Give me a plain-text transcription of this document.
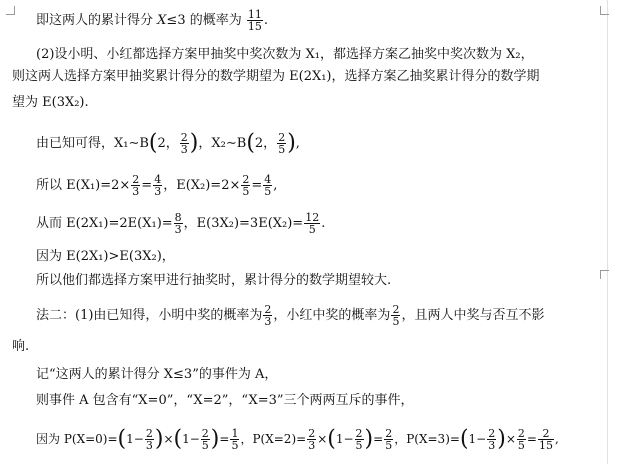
即这两人的累计得分 X≤3 的概率为 $\frac{11}{15}$ .
(2)设小明、小红都选择方案甲抽奖中奖次数为 X₁，都选择方案乙抽奖中奖次数为 X₂，
则这两人选择方案甲抽奖累计得分的数学期望为 E(2X₁)，选择方案乙抽奖累计得分的数学期
望为 E(3X₂).
由已知可得，X₁∼B(2， $\frac{2}{3}$ )，X₂∼B(2， $\frac{2}{5}$ ),
所以 $E(X_1)=2\times \frac{2}{3} = \frac{4}{3}$ ，$E(X_2)=2\times \frac{2}{5} = \frac{4}{5}$ ,
从而 $E(2X_1)=2E(X_1)= \frac{8}{3}$ ，$E(3X_2)=3E(X_2)= \frac{12}{5}$ .
因为 E(2X₁)>E(3X₂)，
所以他们都选择方案甲进行抽奖时，累计得分的数学期望较大.
法二：(1)由已知得，小明中奖的概率为 $\frac{2}{3}$ ，小红中奖的概率为 $\frac{2}{5}$ ，且两人中奖与否互不影
响.
记“这两人的累计得分 X≤3”的事件为 A，
则事件 A 包含有“X=0”，“X=2”，“X=3”三个两两互斥的事件，
因为 $P(X=0)=(1- \frac{2}{3} )\times(1- \frac{2}{5}$ )= $\frac{1}{5}$ ，$P(X=2)= \frac{2}{3} \times(1- \frac{2}{5}$ )= $\frac{2}{5}$ ，$P(X=3)=(1- \frac{2}{3}$ )× $\frac{2}{5} = \frac{2}{15}$ ,
